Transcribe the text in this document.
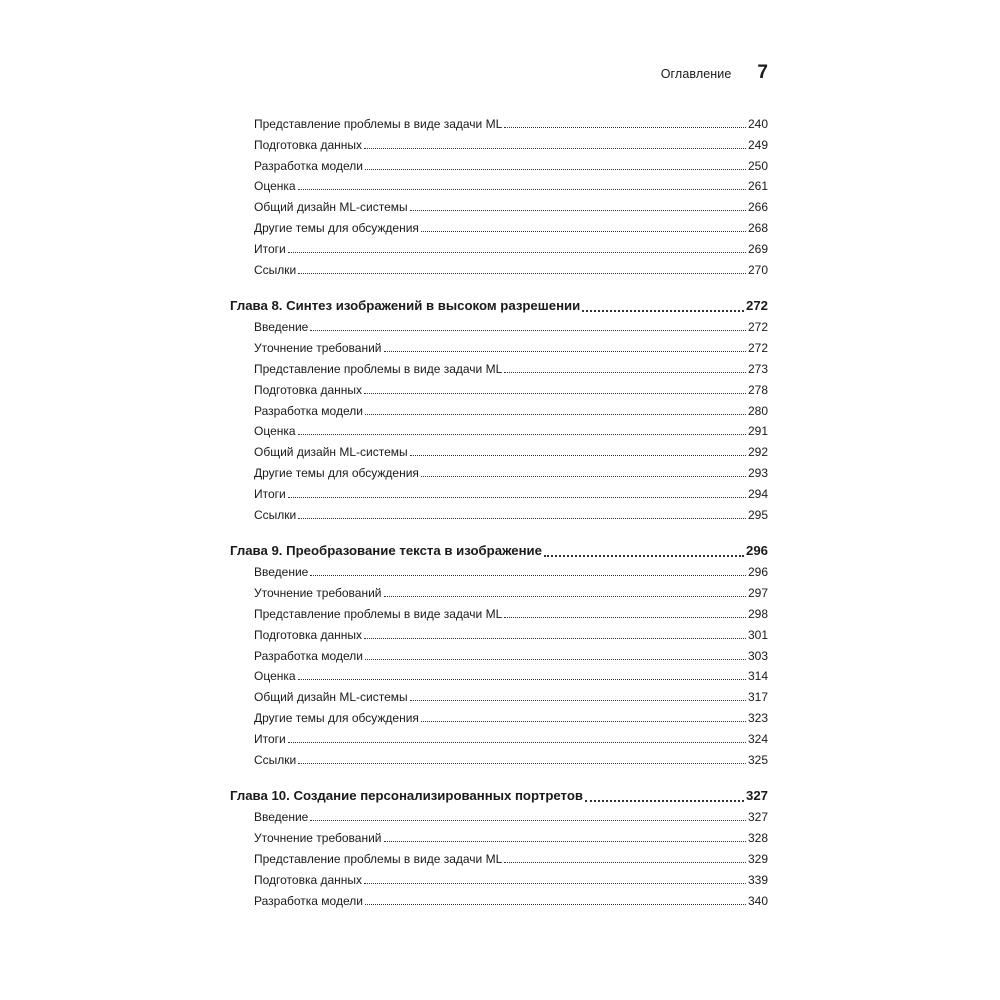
Оглавление 7
Представление проблемы в виде задачи ML	240
Подготовка данных	249
Разработка модели	250
Оценка	261
Общий дизайн ML-системы	266
Другие темы для обсуждения	268
Итоги	269
Ссылки	270
Глава 8. Синтез изображений в высоком разрешении	272
Введение	272
Уточнение требований	272
Представление проблемы в виде задачи ML	273
Подготовка данных	278
Разработка модели	280
Оценка	291
Общий дизайн ML-системы	292
Другие темы для обсуждения	293
Итоги	294
Ссылки	295
Глава 9. Преобразование текста в изображение	296
Введение	296
Уточнение требований	297
Представление проблемы в виде задачи ML	298
Подготовка данных	301
Разработка модели	303
Оценка	314
Общий дизайн ML-системы	317
Другие темы для обсуждения	323
Итоги	324
Ссылки	325
Глава 10. Создание персонализированных портретов	327
Введение	327
Уточнение требований	328
Представление проблемы в виде задачи ML	329
Подготовка данных	339
Разработка модели	340
